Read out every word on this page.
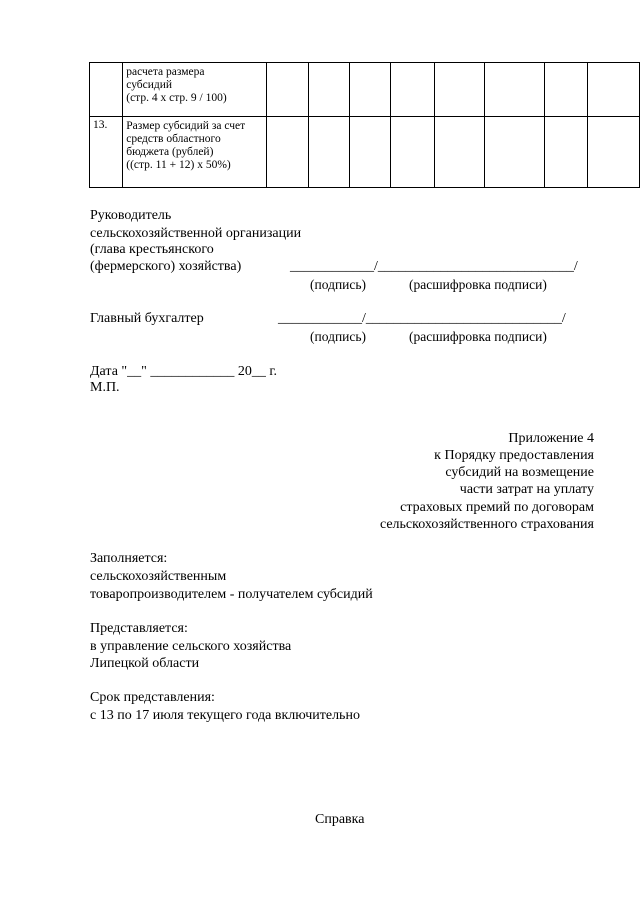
	расчета размера
субсидий
(стр. 4 x стр. 9 / 100)								

13.	Размер субсидий за счет
средств областного
бюджета (рублей)
((стр. 11 + 12) x 50%)								

Руководитель
сельскохозяйственной организации
(глава крестьянского
(фермерского) хозяйства)	____________/____________________________/
(подпись)	(расшифровка подписи)
Главный бухгалтер	____________/____________________________/
(подпись)	(расшифровка подписи)
Дата "__" ____________ 20__ г.
М.П.
Приложение 4
к Порядку предоставления
субсидий на возмещение
части затрат на уплату
страховых премий по договорам
сельскохозяйственного страхования
Заполняется:
сельскохозяйственным
товаропроизводителем - получателем субсидий
Представляется:
в управление сельского хозяйства
Липецкой области
Срок представления:
с 13 по 17 июля текущего года включительно
Справка
